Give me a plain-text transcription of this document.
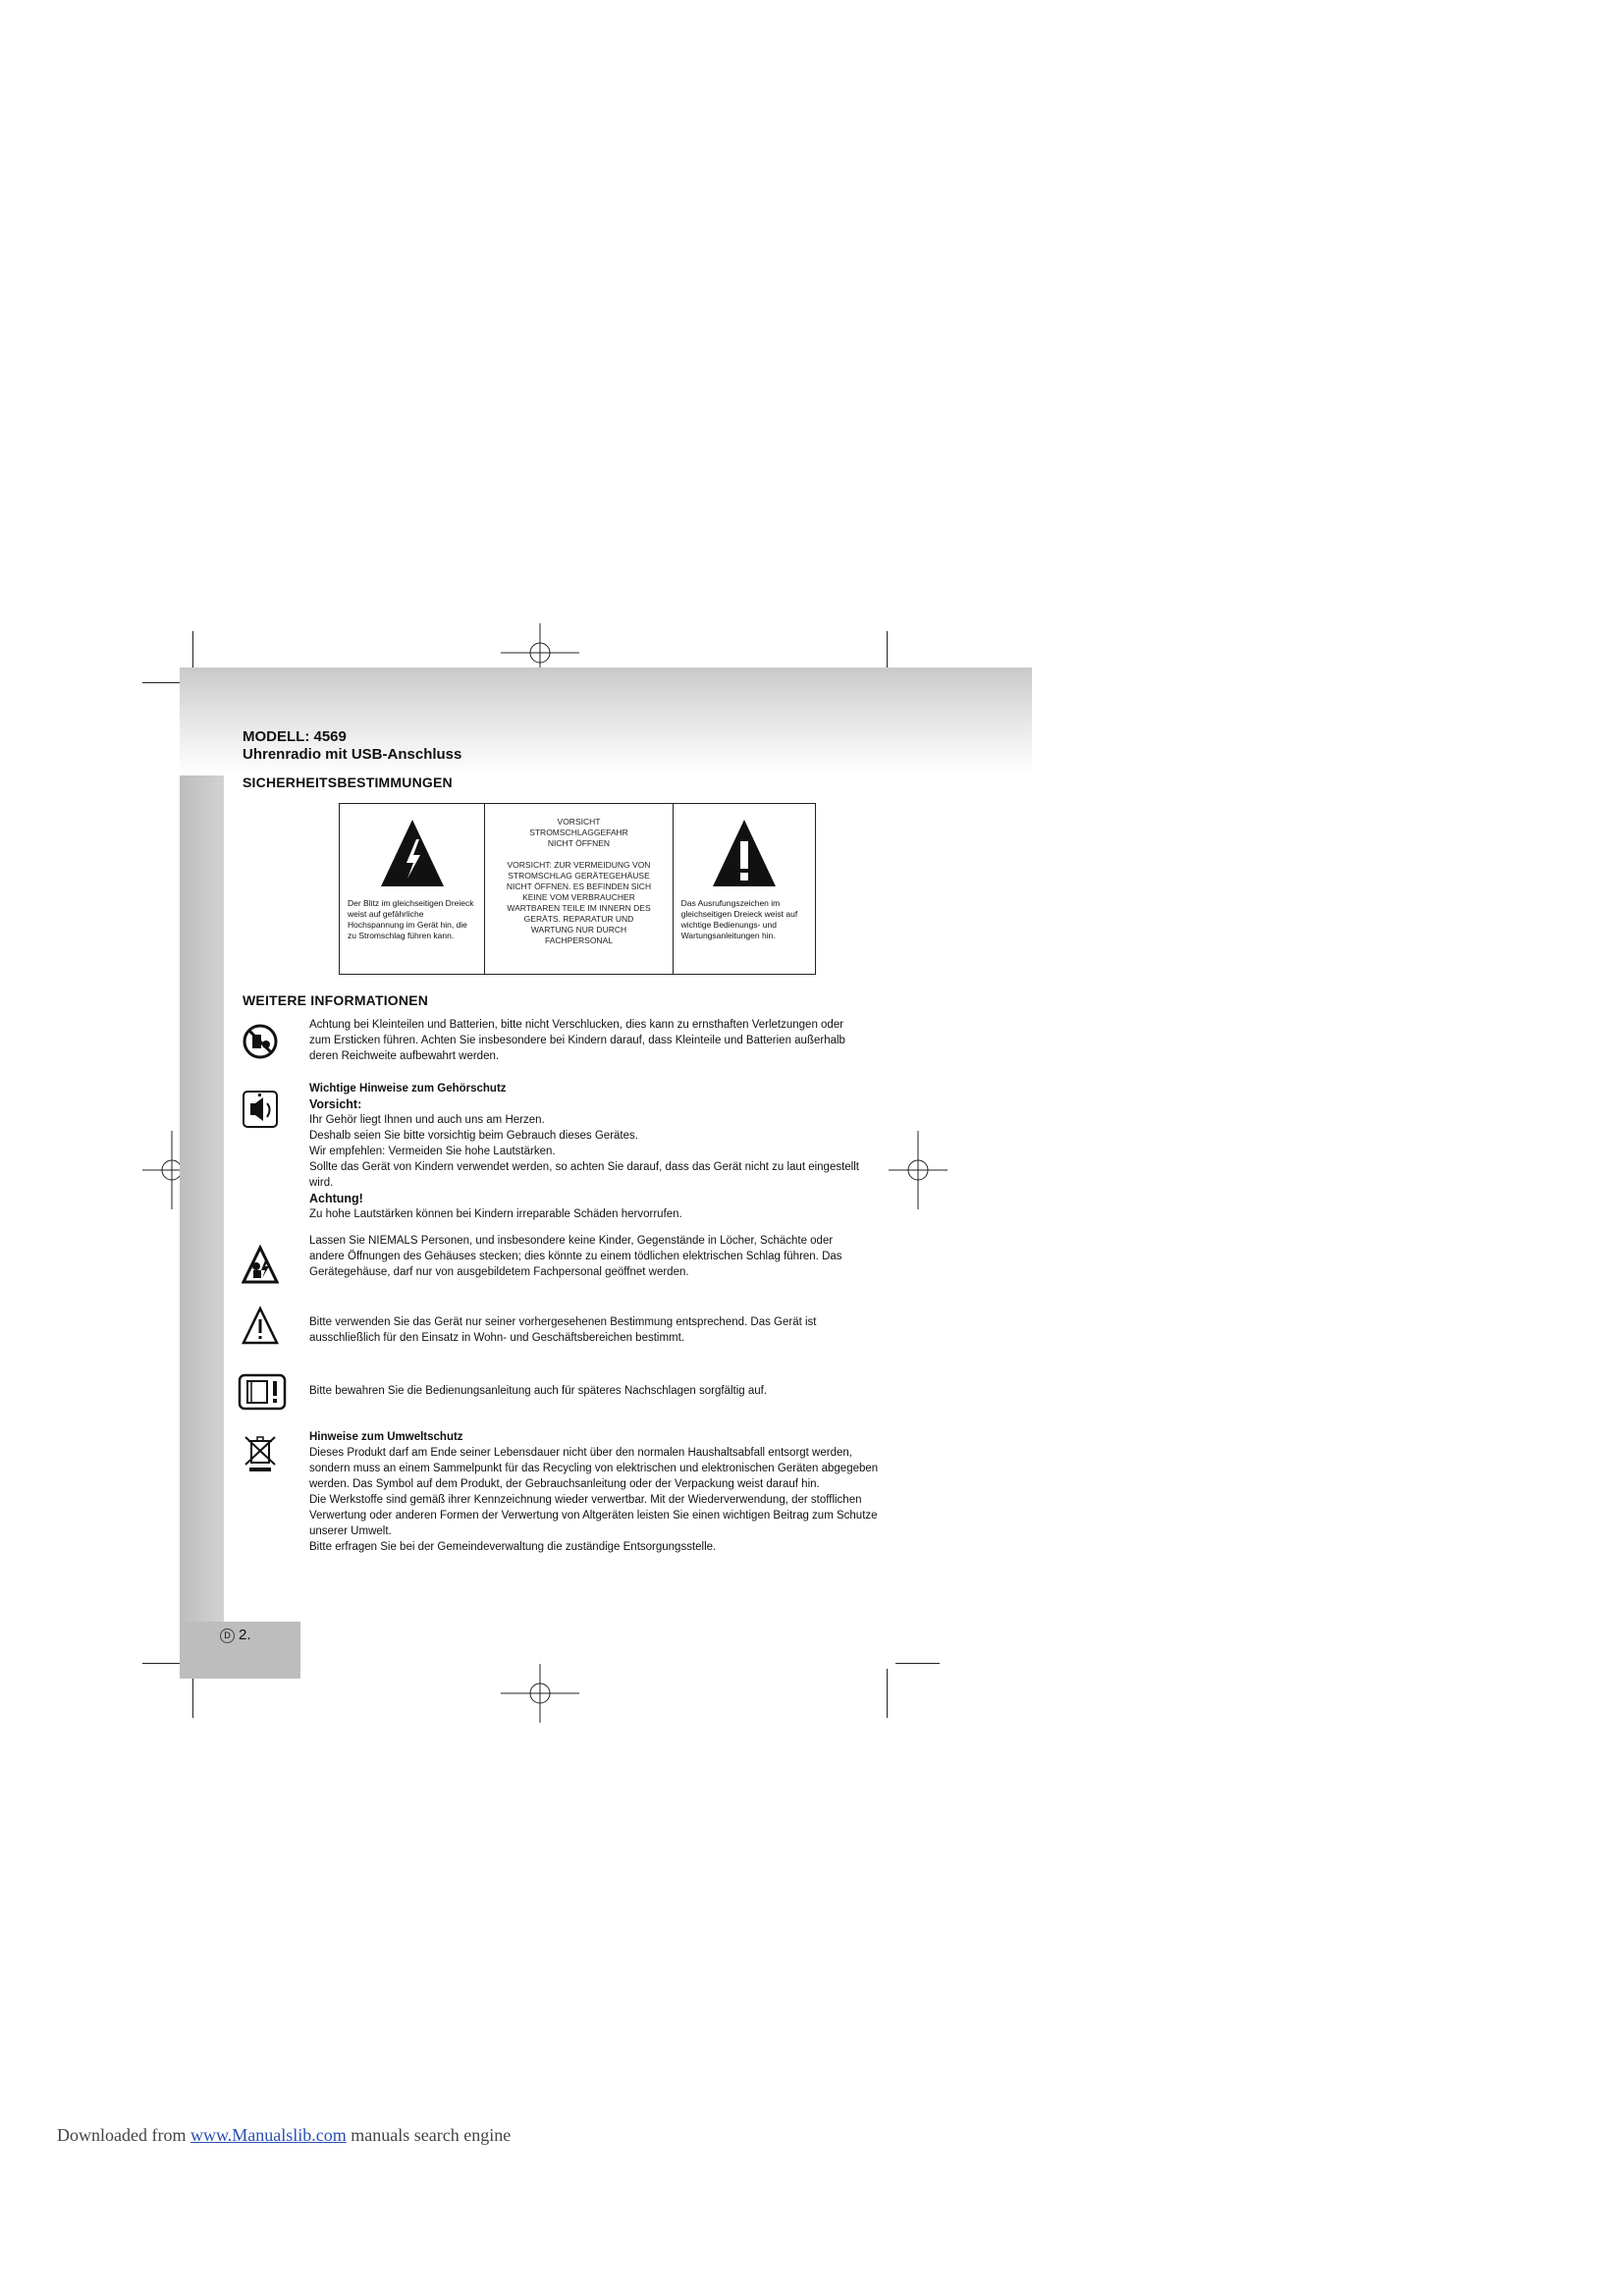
D 2.
MODELL: 4569
Uhrenradio mit USB-Anschluss
SICHERHEITSBESTIMMUNGEN
Der Blitz im gleichseitigen Dreieck weist auf gefährliche Hochspannung im Gerät hin, die zu Stromschlag führen kann.
VORSICHT
STROMSCHLAGGEFAHR
NICHT ÖFFNEN
VORSICHT: ZUR VERMEIDUNG VON
STROMSCHLAG GERÄTEGEHÄUSE
NICHT ÖFFNEN. ES BEFINDEN SICH
KEINE VOM VERBRAUCHER
WARTBAREN TEILE IM INNERN DES
GERÄTS. REPARATUR UND
WARTUNG NUR DURCH
FACHPERSONAL
Das Ausrufungszeichen im gleichseitigen Dreieck weist auf wichtige Bedienungs- und Wartungsanleitungen hin.
WEITERE INFORMATIONEN
Achtung bei Kleinteilen und Batterien, bitte nicht Verschlucken, dies kann zu ernsthaften Verletzungen oder zum Ersticken führen. Achten Sie insbesondere bei Kindern darauf, dass Kleinteile und Batterien außerhalb deren Reichweite aufbewahrt werden.
Wichtige Hinweise zum Gehörschutz
Vorsicht:
Ihr Gehör liegt Ihnen und auch uns am Herzen.
Deshalb seien Sie bitte vorsichtig beim Gebrauch dieses Gerätes.
Wir empfehlen: Vermeiden Sie hohe Lautstärken.
Sollte das Gerät von Kindern verwendet werden, so achten Sie darauf, dass das Gerät nicht zu laut eingestellt wird.
Achtung!
Zu hohe Lautstärken können bei Kindern irreparable Schäden hervorrufen.
Lassen Sie NIEMALS Personen, und insbesondere keine Kinder, Gegenstände in Löcher, Schächte oder andere Öffnungen des Gehäuses stecken; dies könnte zu einem tödlichen elektrischen Schlag führen. Das Gerätegehäuse, darf nur von ausgebildetem Fachpersonal geöffnet werden.
Bitte verwenden Sie das Gerät nur seiner vorhergesehenen Bestimmung entsprechend. Das Gerät ist ausschließlich für den Einsatz in Wohn- und Geschäftsbereichen bestimmt.
Bitte bewahren Sie die Bedienungsanleitung auch für späteres Nachschlagen sorgfältig auf.
Hinweise zum Umweltschutz
Dieses Produkt darf am Ende seiner Lebensdauer nicht über den normalen Haushaltsabfall entsorgt werden, sondern muss an einem Sammelpunkt für das Recycling von elektrischen und elektronischen Geräten abgegeben werden. Das Symbol auf dem Produkt, der Gebrauchsanleitung oder der Verpackung weist darauf hin.
Die Werkstoffe sind gemäß ihrer Kennzeichnung wieder verwertbar. Mit der Wiederverwendung, der stofflichen Verwertung oder anderen Formen der Verwertung von Altgeräten leisten Sie einen wichtigen Beitrag zum Schutze unserer Umwelt.
Bitte erfragen Sie bei der Gemeindeverwaltung die zuständige Entsorgungsstelle.
Downloaded from www.Manualslib.com manuals search engine
